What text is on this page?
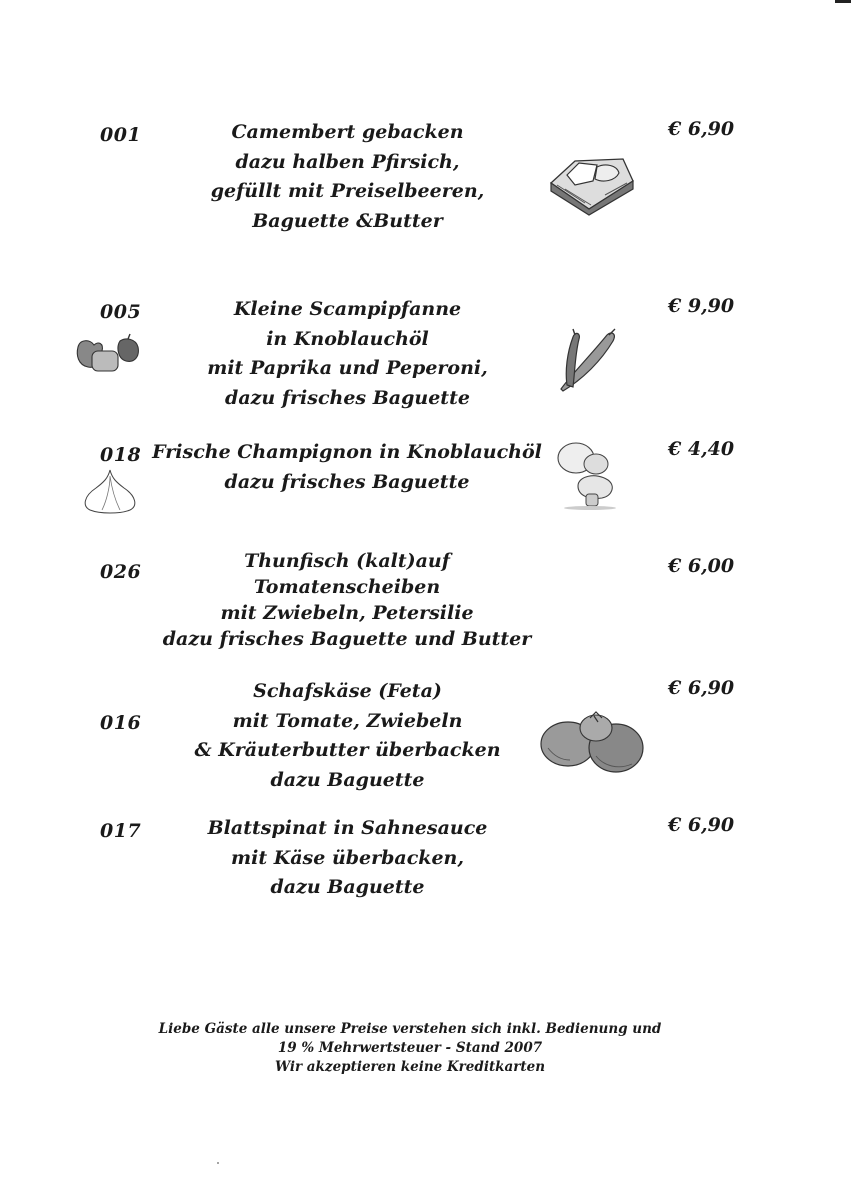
001	Camembert gebacken
dazu halben Pfirsich,
gefüllt mit Preiselbeeren,
Baguette &Butter
€ 6,90
005	Kleine Scampipfanne
in Knoblauchöl
mit Paprika und Peperoni,
dazu frisches Baguette
€ 9,90
018 Frische Champignon in Knoblauchöl
dazu frisches Baguette
€ 4,40
026	Thunfisch (kalt)auf
Tomatenscheiben
mit Zwiebeln, Petersilie
dazu frisches Baguette und Butter
€ 6,00
016
Schafskäse (Feta)
mit Tomate, Zwiebeln
& Kräuterbutter überbacken
dazu Baguette
€ 6,90
017	Blattspinat in Sahnesauce
mit Käse überbacken,
dazu Baguette
€ 6,90
Liebe Gäste alle unsere Preise verstehen sich inkl. Bedienung und
19 % Mehrwertsteuer - Stand 2007
Wir akzeptieren keine Kreditkarten
